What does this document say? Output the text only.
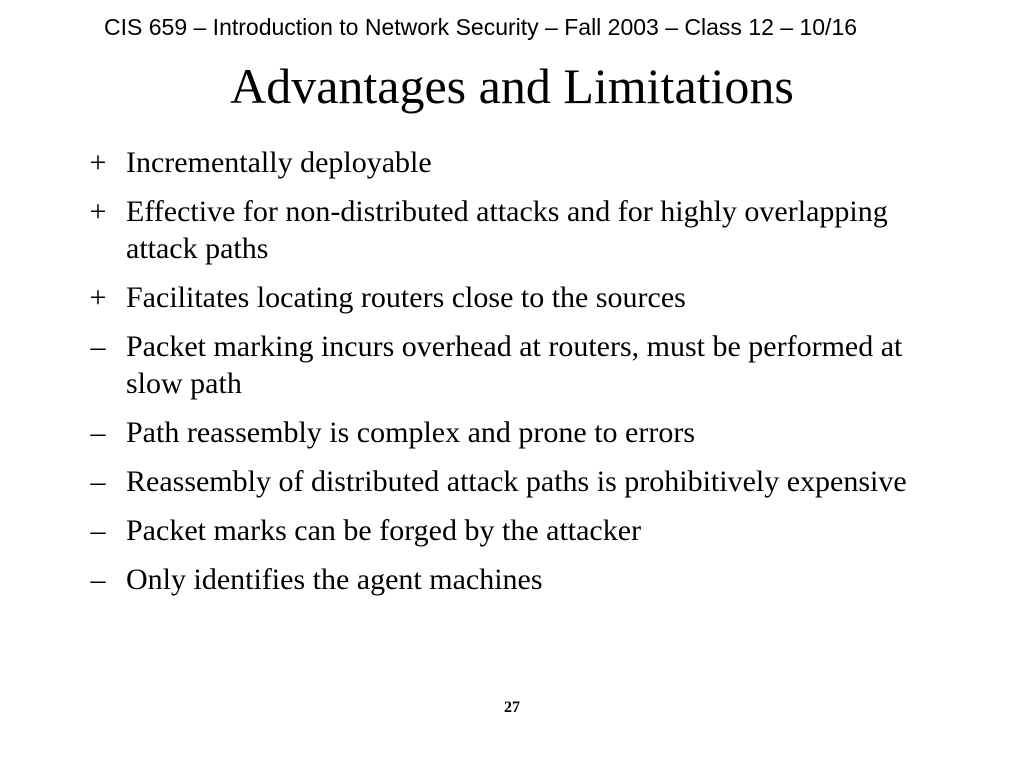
CIS 659 – Introduction to Network Security – Fall 2003 – Class 12 – 10/16
Advantages and Limitations
+ Incrementally deployable
+ Effective for non-distributed attacks and for highly overlapping attack paths
+ Facilitates locating routers close to the sources
– Packet marking incurs overhead at routers, must be performed at slow path
– Path reassembly is complex and prone to errors
– Reassembly of distributed attack paths is prohibitively expensive
– Packet marks can be forged by the attacker
– Only identifies the agent machines
27
